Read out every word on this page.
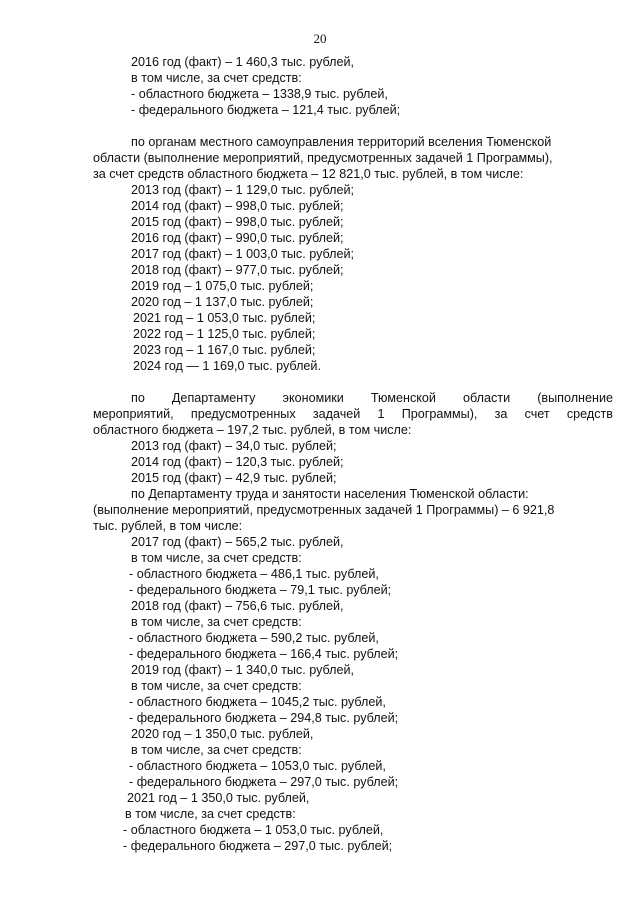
20
2016 год (факт) – 1 460,3 тыс. рублей,
в том числе, за счет средств:
- областного бюджета – 1338,9 тыс. рублей,
- федерального бюджета – 121,4 тыс. рублей;
по органам местного самоуправления территорий вселения Тюменской
области (выполнение мероприятий, предусмотренных задачей 1 Программы),
за счет средств областного бюджета – 12 821,0 тыс. рублей, в том числе:
2013 год (факт) – 1 129,0 тыс. рублей;
2014 год (факт) – 998,0 тыс. рублей;
2015 год (факт) – 998,0 тыс. рублей;
2016 год (факт) – 990,0 тыс. рублей;
2017 год (факт) – 1 003,0 тыс. рублей;
2018 год (факт) – 977,0 тыс. рублей;
2019 год – 1 075,0 тыс. рублей;
2020 год – 1 137,0 тыс. рублей;
2021 год – 1 053,0 тыс. рублей;
2022 год – 1 125,0 тыс. рублей;
2023 год – 1 167,0 тыс. рублей;
2024 год — 1 169,0 тыс. рублей.
по Департаменту экономики Тюменской области (выполнение
мероприятий, предусмотренных задачей 1 Программы), за счет средств
областного бюджета – 197,2 тыс. рублей, в том числе:
2013 год (факт) – 34,0 тыс. рублей;
2014 год (факт) – 120,3 тыс. рублей;
2015 год (факт) – 42,9 тыс. рублей;
по Департаменту труда и занятости населения Тюменской области:
(выполнение мероприятий, предусмотренных задачей 1 Программы) – 6 921,8
тыс. рублей, в том числе:
2017 год (факт) – 565,2 тыс. рублей,
в том числе, за счет средств:
- областного бюджета – 486,1 тыс. рублей,
- федерального бюджета – 79,1 тыс. рублей;
2018 год (факт) – 756,6 тыс. рублей,
в том числе, за счет средств:
- областного бюджета – 590,2 тыс. рублей,
- федерального бюджета – 166,4 тыс. рублей;
2019 год (факт) – 1 340,0 тыс. рублей,
в том числе, за счет средств:
- областного бюджета – 1045,2 тыс. рублей,
- федерального бюджета – 294,8 тыс. рублей;
2020 год – 1 350,0 тыс. рублей,
в том числе, за счет средств:
- областного бюджета – 1053,0 тыс. рублей,
- федерального бюджета – 297,0 тыс. рублей;
2021 год – 1 350,0 тыс. рублей,
в том числе, за счет средств:
- областного бюджета – 1 053,0 тыс. рублей,
- федерального бюджета – 297,0 тыс. рублей;
